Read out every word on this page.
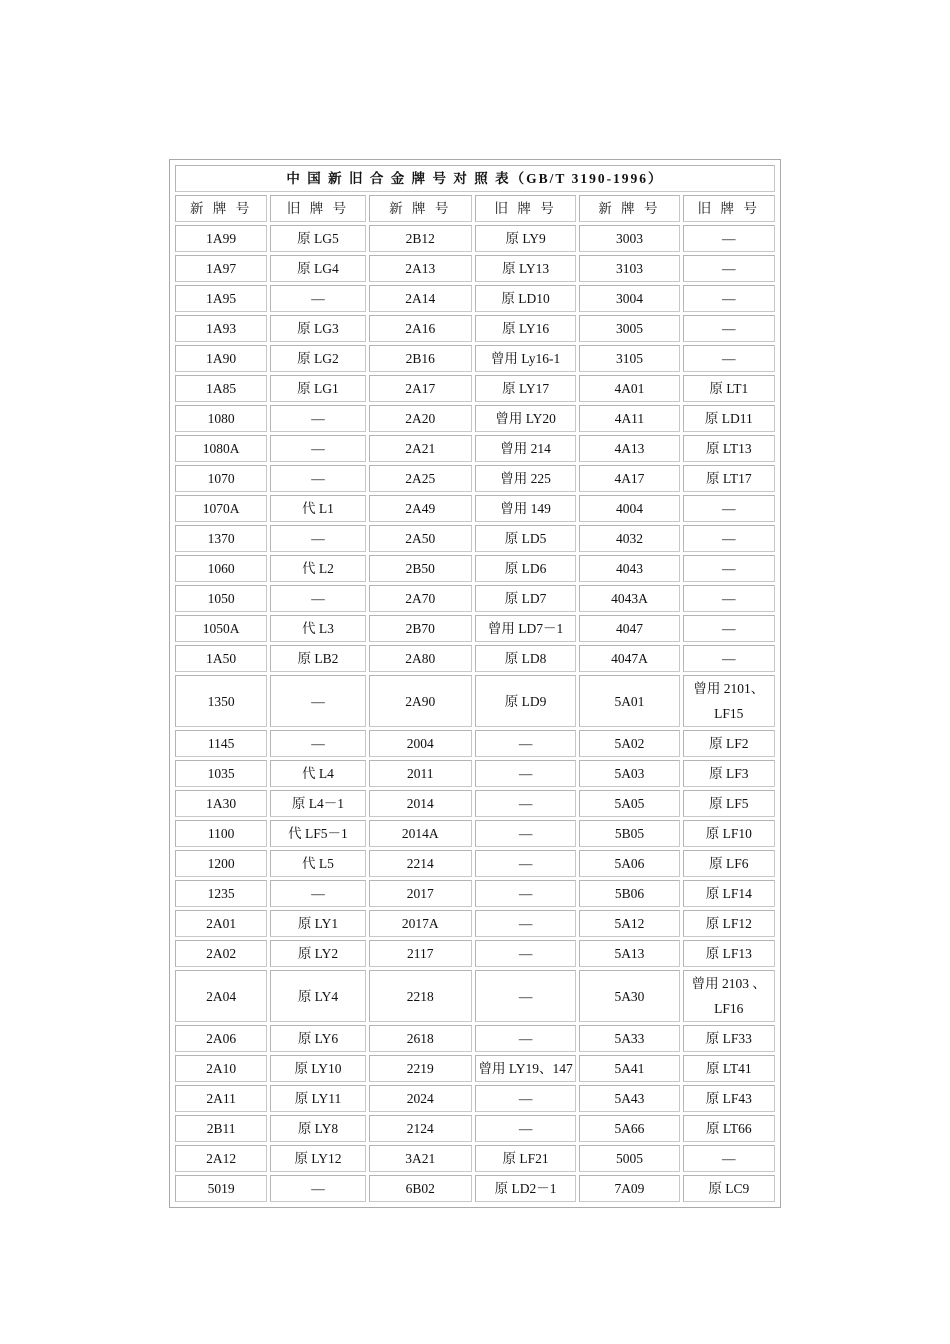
中 国 新 旧 合 金 牌 号 对 照 表（GB/T 3190-1996）					
新 牌 号	旧 牌 号	新 牌 号	旧 牌 号	新 牌 号	旧 牌 号
1A99	原 LG5	2B12	原 LY9	3003	—
1A97	原 LG4	2A13	原 LY13	3103	—
1A95	—	2A14	原 LD10	3004	—
1A93	原 LG3	2A16	原 LY16	3005	—
1A90	原 LG2	2B16	曾用 Ly16-1	3105	—
1A85	原 LG1	2A17	原 LY17	4A01	原 LT1
1080	—	2A20	曾用 LY20	4A11	原 LD11
1080A	—	2A21	曾用 214	4A13	原 LT13
1070	—	2A25	曾用 225	4A17	原 LT17
1070A	代 L1	2A49	曾用 149	4004	—
1370	—	2A50	原 LD5	4032	—
1060	代 L2	2B50	原 LD6	4043	—
1050	—	2A70	原 LD7	4043A	—
1050A	代 L3	2B70	曾用 LD7－1	4047	—
1A50	原 LB2	2A80	原 LD8	4047A	—
1350	—	2A90	原 LD9	5A01	曾用 2101、LF15
1145	—	2004	—	5A02	原 LF2
1035	代 L4	2011	—	5A03	原 LF3
1A30	原 L4－1	2014	—	5A05	原 LF5
1100	代 LF5－1	2014A	—	5B05	原 LF10
1200	代 L5	2214	—	5A06	原 LF6
1235	—	2017	—	5B06	原 LF14
2A01	原 LY1	2017A	—	5A12	原 LF12
2A02	原 LY2	2117	—	5A13	原 LF13
2A04	原 LY4	2218	—	5A30	曾用 2103 、LF16
2A06	原 LY6	2618	—	5A33	原 LF33
2A10	原 LY10	2219	曾用 LY19、147	5A41	原 LT41
2A11	原 LY11	2024	—	5A43	原 LF43
2B11	原 LY8	2124	—	5A66	原 LT66
2A12	原 LY12	3A21	原 LF21	5005	—
5019	—	6B02	原 LD2－1	7A09	原 LC9
